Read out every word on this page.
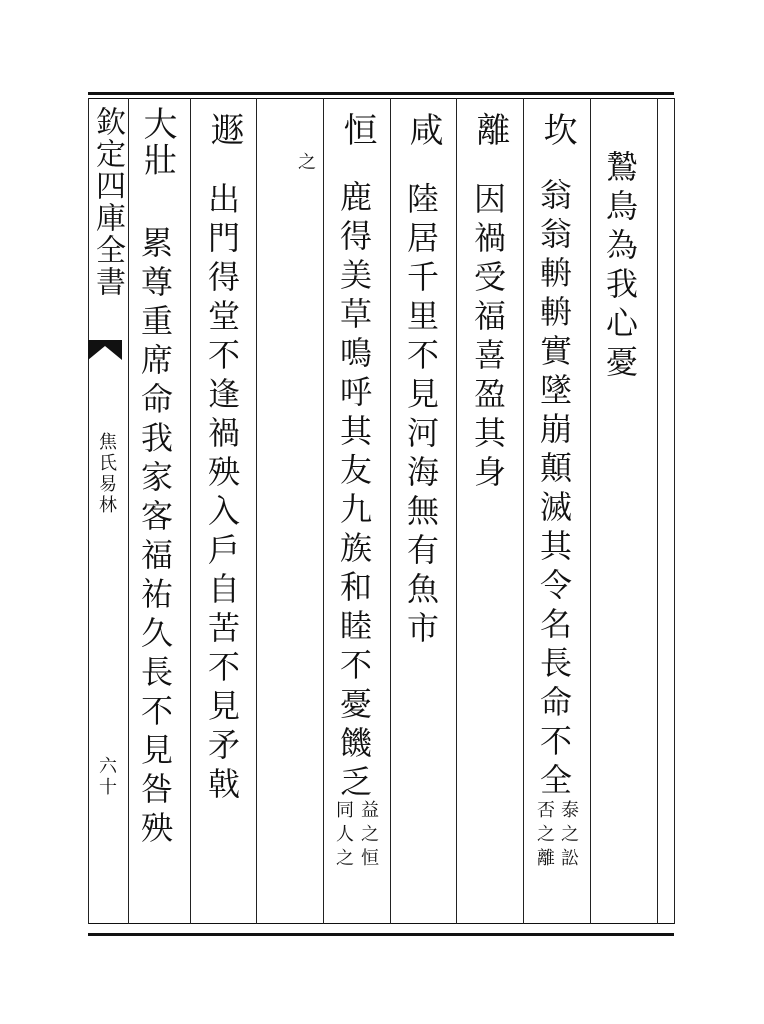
欽定四庫全書
焦氏易林
六十
鷙鳥為我心憂
坎
翁翁輈輈實墜崩顛滅其令名長命不全
泰之訟
否之離
離
因禍受福喜盈其身
咸
陸居千里不見河海無有魚市
恒
鹿得美草鳴呼其友九族和睦不憂饑乏
益之恒
同人之
之
遯
出門得堂不逢禍殃入戶自苦不見矛戟
大壯
累尊重席命我家客福祐久長不見咎殃
